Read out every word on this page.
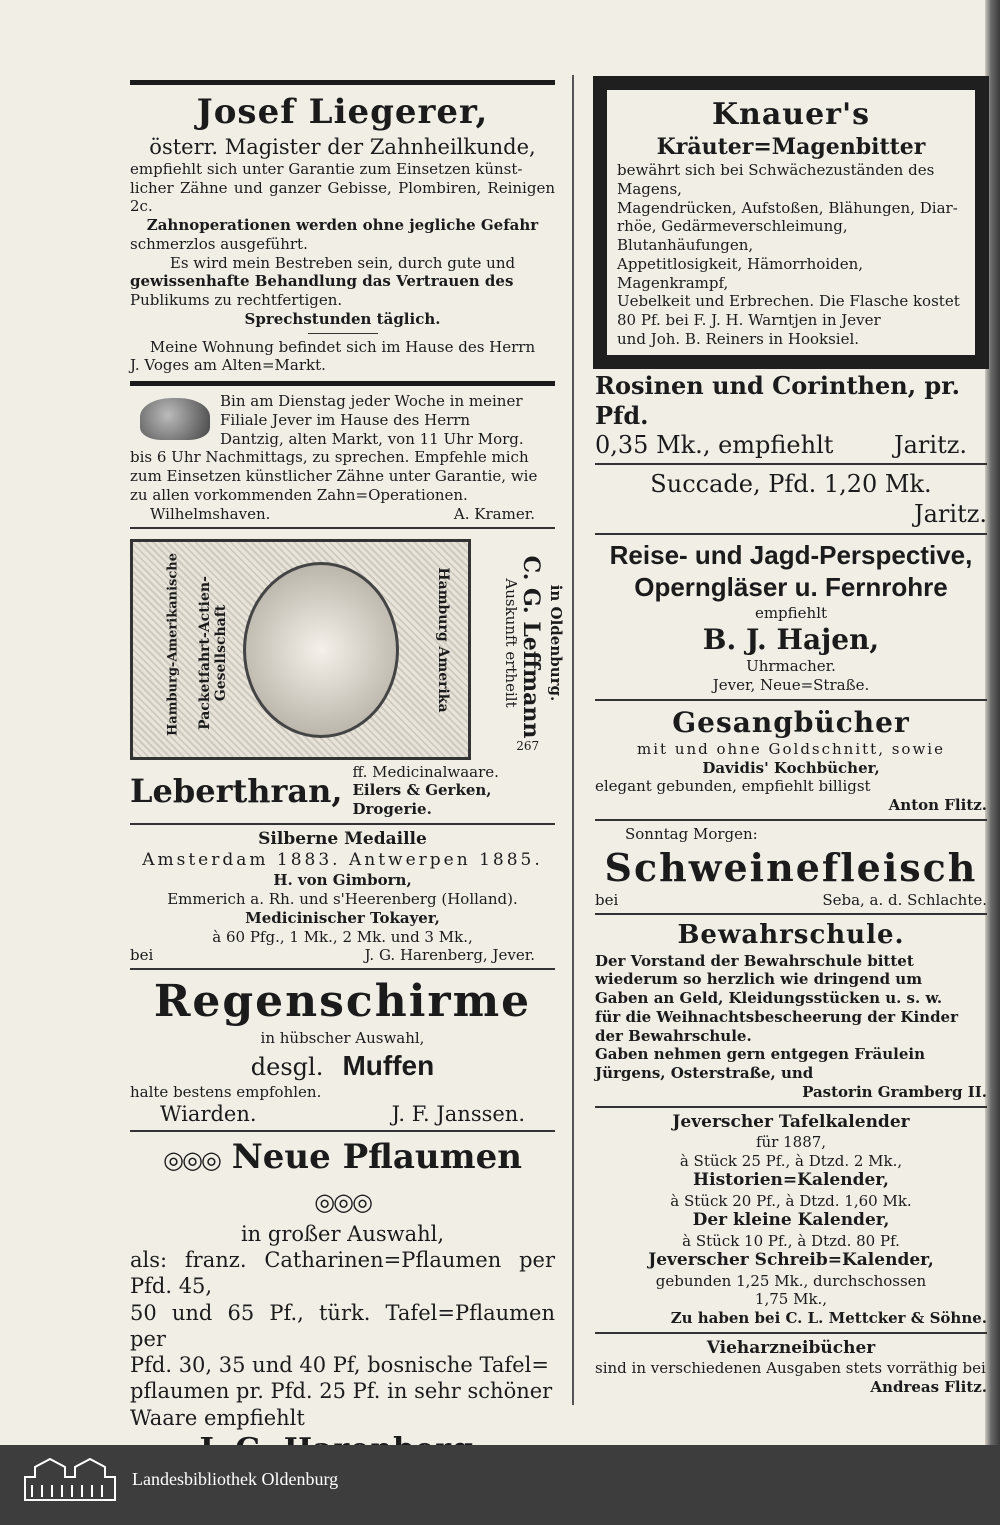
Josef Liegerer,

österr. Magister der Zahnheilkunde,

empfiehlt sich unter Garantie zum Einsetzen künst-

licher Zähne und ganzer Gebisse, Plombiren, Reinigen 2c.

Zahnoperationen werden ohne jegliche Gefahr

schmerzlos ausgeführt.

Es wird mein Bestreben sein, durch gute und

gewissenhafte Behandlung das Vertrauen des

Publikums zu rechtfertigen.

Sprechstunden täglich.

Meine Wohnung befindet sich im Hause des Herrn

J. Voges am Alten=Markt.

Bin am Dienstag jeder Woche in meiner

Filiale Jever im Hause des Herrn

Dantzig, alten Markt, von 11 Uhr Morg.

bis 6 Uhr Nachmittags, zu sprechen. Empfehle mich

zum Einsetzen künstlicher Zähne unter Garantie, wie

zu allen vorkommenden Zahn=Operationen.

Wilhelmshaven.	A. Kramer.
Hamburg-Amerikanische Packetfahrt-Actien-Gesellschaft	Hamburg Amerika	Auskunft ertheilt
C. G. Leffmann in Oldenburg.
267
Leberthran,

ff. Medicinalwaare.

Eilers & Gerken, Drogerie.

Silberne Medaille

Amsterdam 1883. Antwerpen 1885.

H. von Gimborn,

Emmerich a. Rh. und s'Heerenberg (Holland).

Medicinischer Tokayer,

à 60 Pfg., 1 Mk., 2 Mk. und 3 Mk.,

bei	J. G. Harenberg, Jever.

Regenschirme

in hübscher Auswahl,

desgl. Muffen

halte bestens empfohlen.

Wiarden.	J. F. Janssen.

◎◎◎ Neue Pflaumen ◎◎◎

in großer Auswahl,

als: franz. Catharinen=Pflaumen per Pfd. 45,

50 und 65 Pf., türk. Tafel=Pflaumen per

Pfd. 30, 35 und 40 Pf, bosnische Tafel=

pflaumen pr. Pfd. 25 Pf. in sehr schöner

Waare empfiehlt

Knauer's

Kräuter=Magenbitter

bewährt sich bei Schwächezuständen des Magens,

Magendrücken, Aufstoßen, Blähungen, Diar-

rhöe, Gedärmeverschleimung, Blutanhäufungen,

Appetitlosigkeit, Hämorrhoiden, Magenkrampf,

Uebelkeit und Erbrechen. Die Flasche kostet

80 Pf. bei F. J. H. Warntjen in Jever

und Joh. B. Reiners in Hooksiel.

Rosinen und Corinthen, pr. Pfd.

0,35 Mk., empfiehlt	Jaritz.

Succade, Pfd. 1,20 Mk.

Jaritz.

Reise- und Jagd-Perspective,

Operngläser u. Fernrohre

empfiehlt

B. J. Hajen,

Uhrmacher.

Jever, Neue=Straße.

Gesangbücher

mit und ohne Goldschnitt, sowie

Davidis' Kochbücher,

elegant gebunden, empfiehlt billigst

Anton Flitz.

Sonntag Morgen:

Schweinefleisch

bei	Seba, a. d. Schlachte.

Bewahrschule.

Der Vorstand der Bewahrschule bittet

wiederum so herzlich wie dringend um

Gaben an Geld, Kleidungsstücken u. s. w.

für die Weihnachtsbescheerung der Kinder

der Bewahrschule.

Gaben nehmen gern entgegen Fräulein

Jürgens, Osterstraße, und

Pastorin Gramberg II.

Jeverscher Tafelkalender

für 1887,

à Stück 25 Pf., à Dtzd. 2 Mk.,

Historien=Kalender,

à Stück 20 Pf., à Dtzd. 1,60 Mk.

Der kleine Kalender,

à Stück 10 Pf., à Dtzd. 80 Pf.

Jeverscher Schreib=Kalender,

gebunden 1,25 Mk., durchschossen

1,75 Mk.,

Zu haben bei C. L. Mettcker & Söhne.

Vieharzneibücher

sind in verschiedenen Ausgaben stets vorräthig bei

Andreas Flitz.

Landesbibliothek Oldenburg
